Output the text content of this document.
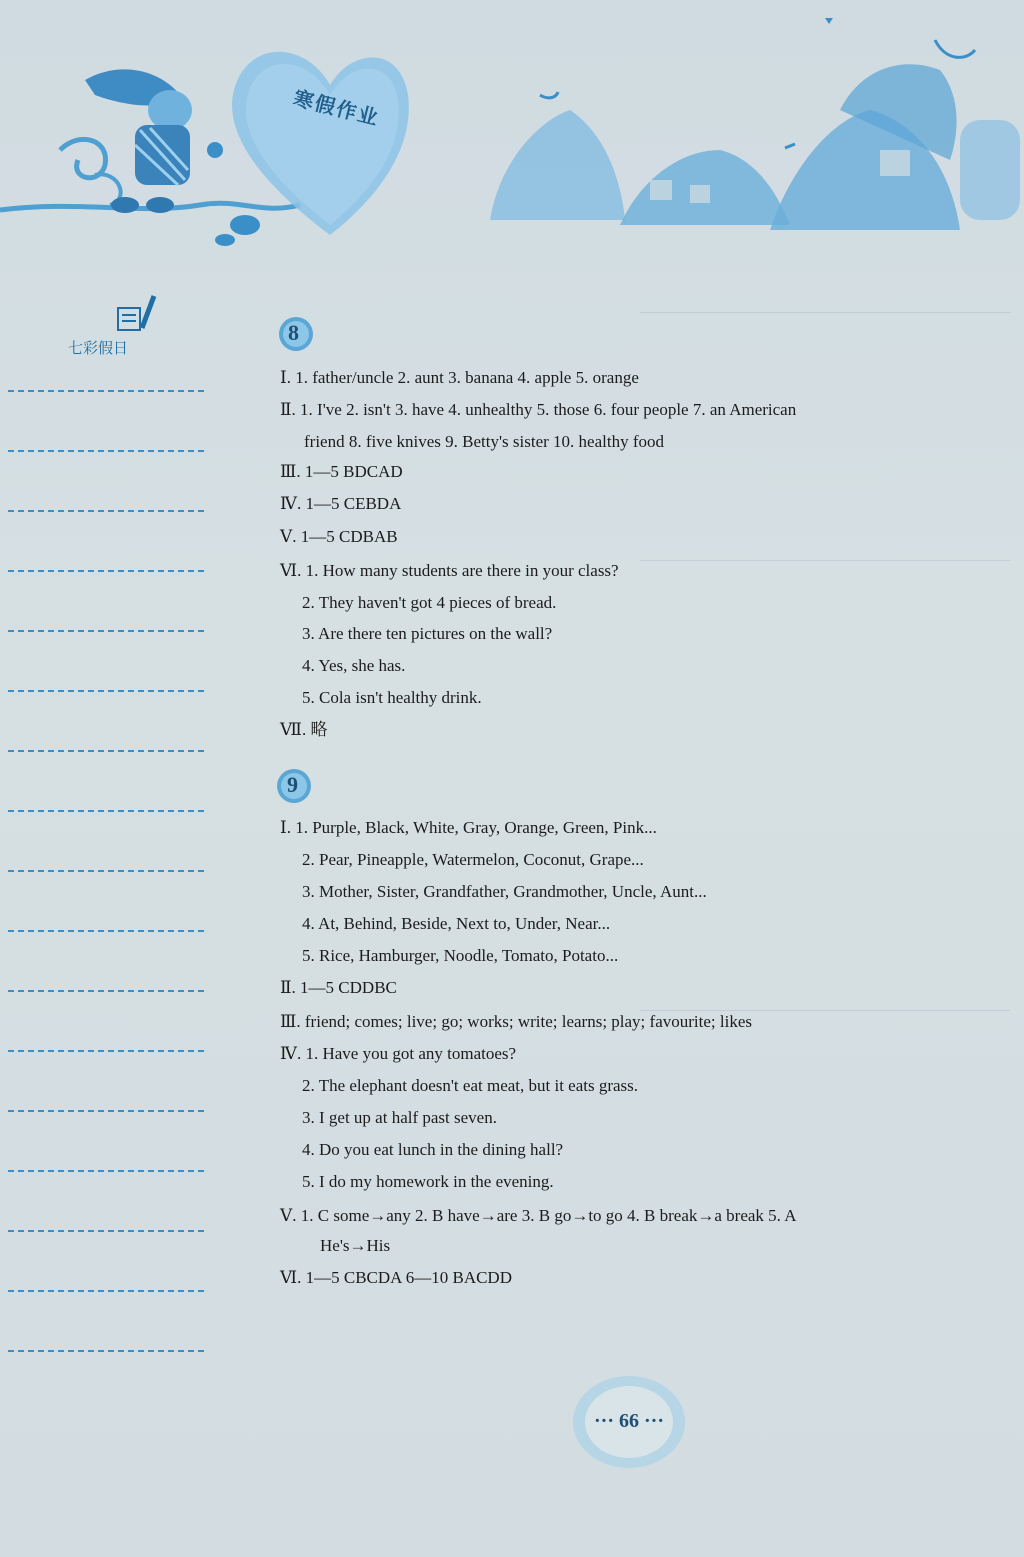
寒假作业
七彩假日
8
Ⅰ. 1. father/uncle 2. aunt 3. banana 4. apple 5. orange
Ⅱ. 1. I've 2. isn't 3. have 4. unhealthy 5. those 6. four people 7. an American
friend 8. five knives 9. Betty's sister 10. healthy food
Ⅲ. 1—5 BDCAD
Ⅳ. 1—5 CEBDA
Ⅴ. 1—5 CDBAB
Ⅵ. 1. How many students are there in your class?
2. They haven't got 4 pieces of bread.
3. Are there ten pictures on the wall?
4. Yes, she has.
5. Cola isn't healthy drink.
Ⅶ. 略
9
Ⅰ. 1. Purple, Black, White, Gray, Orange, Green, Pink...
2. Pear, Pineapple, Watermelon, Coconut, Grape...
3. Mother, Sister, Grandfather, Grandmother, Uncle, Aunt...
4. At, Behind, Beside, Next to, Under, Near...
5. Rice, Hamburger, Noodle, Tomato, Potato...
Ⅱ. 1—5 CDDBC
Ⅲ. friend; comes; live; go; works; write; learns; play; favourite; likes
Ⅳ. 1. Have you got any tomatoes?
2. The elephant doesn't eat meat, but it eats grass.
3. I get up at half past seven.
4. Do you eat lunch in the dining hall?
5. I do my homework in the evening.
Ⅴ. 1. C some→any 2. B have→are 3. B go→to go 4. B break→a break 5. A
He's→His
Ⅵ. 1—5 CBCDA 6—10 BACDD
··· 66 ···
